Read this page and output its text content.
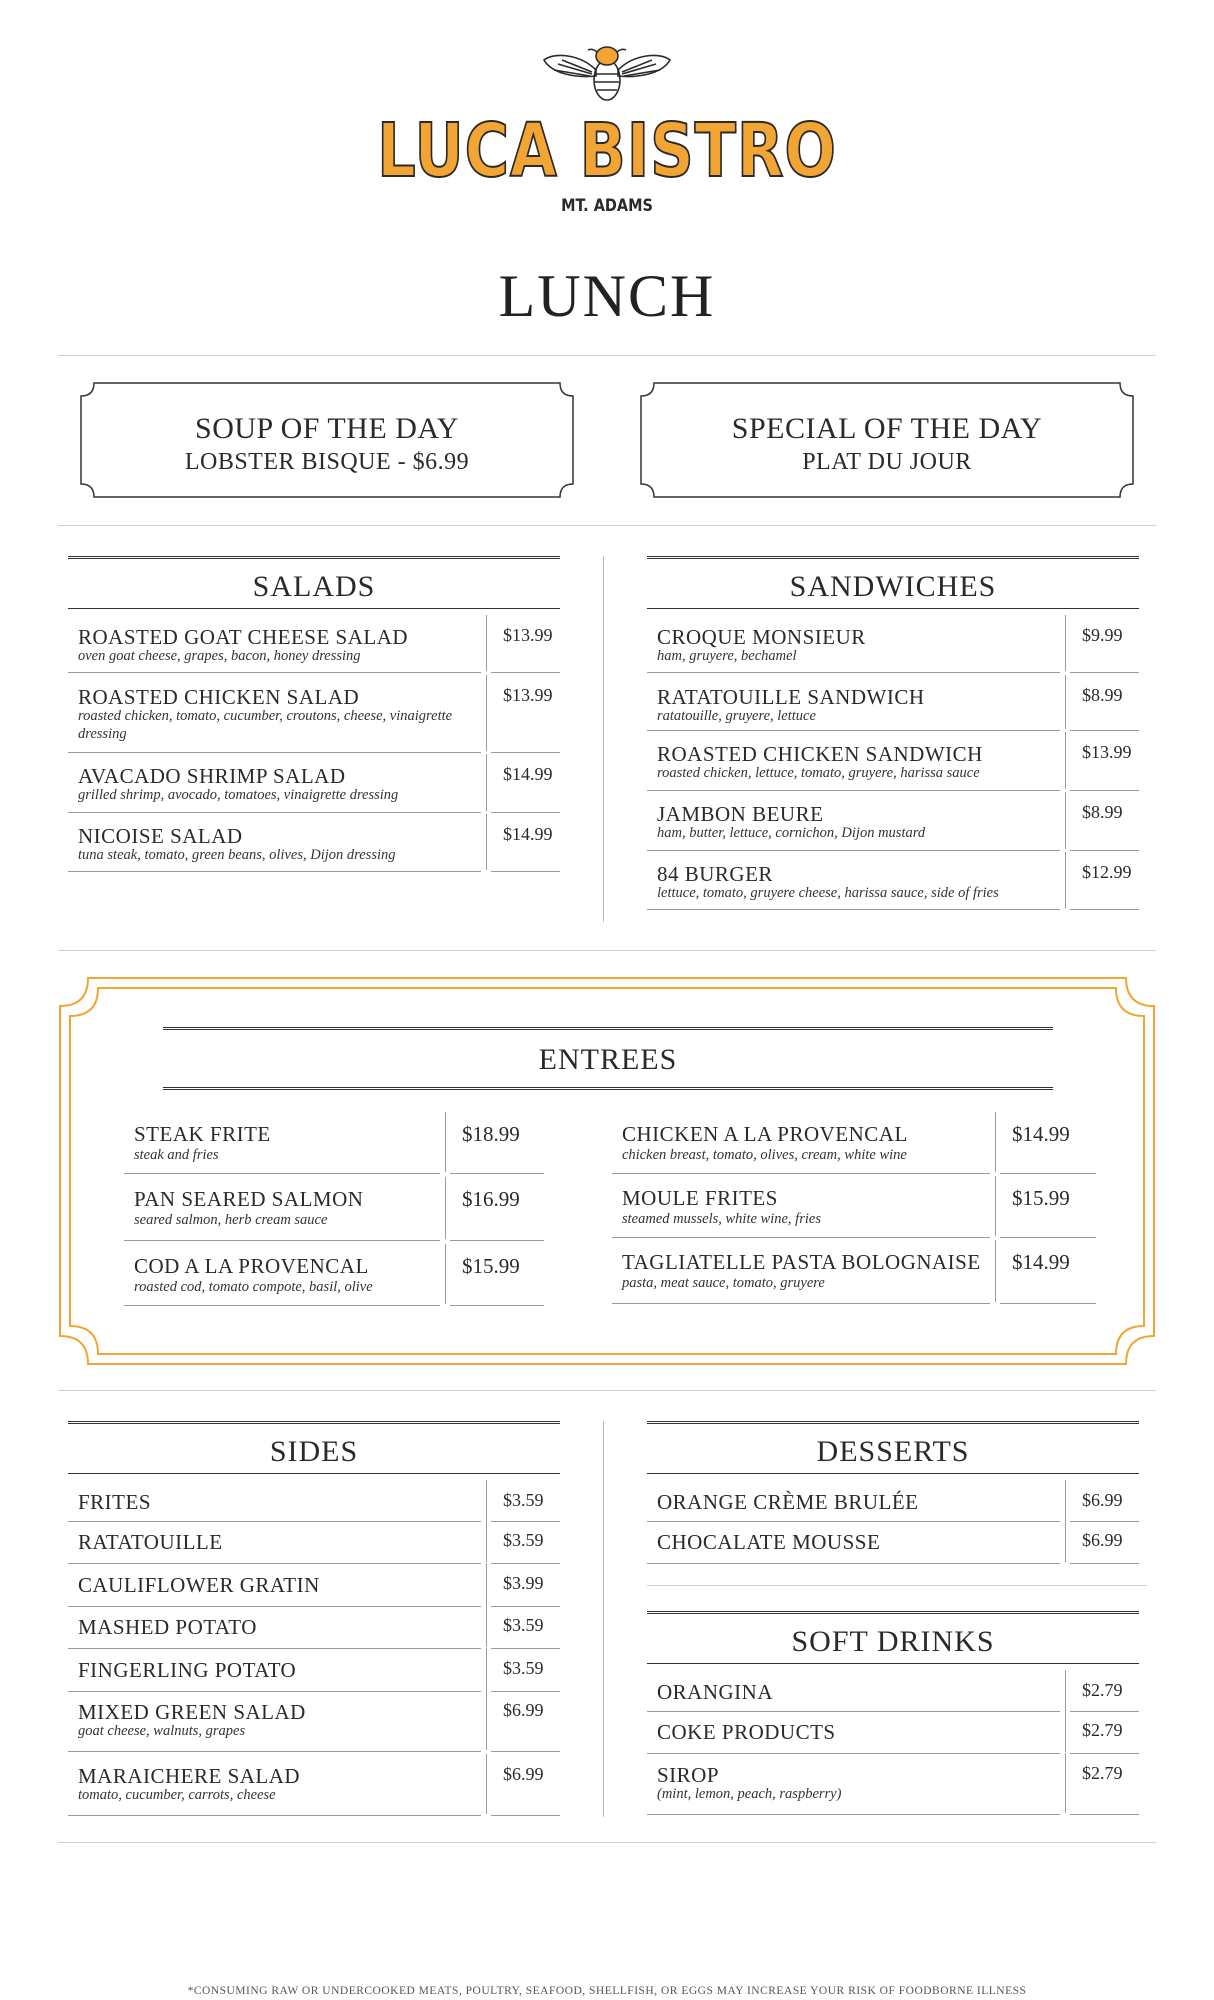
LUCA BISTRO
MT. ADAMS
LUNCH
SOUP OF THE DAY
LOBSTER BISQUE - $6.99
SPECIAL OF THE DAY
PLAT DU JOUR
SALADS
ROASTED GOAT CHEESE SALAD
oven goat cheese, grapes, bacon, honey dressing
$13.99
ROASTED CHICKEN SALAD
roasted chicken, tomato, cucumber, croutons, cheese, vinaigrette dressing
$13.99
AVACADO SHRIMP SALAD
grilled shrimp, avocado, tomatoes, vinaigrette dressing
$14.99
NICOISE SALAD
tuna steak, tomato, green beans, olives, Dijon dressing
$14.99
SANDWICHES
CROQUE MONSIEUR
ham, gruyere, bechamel
$9.99
RATATOUILLE SANDWICH
ratatouille, gruyere, lettuce
$8.99
ROASTED CHICKEN SANDWICH
roasted chicken, lettuce, tomato, gruyere, harissa sauce
$13.99
JAMBON BEURE
ham, butter, lettuce, cornichon, Dijon mustard
$8.99
84 BURGER
lettuce, tomato, gruyere cheese, harissa sauce, side of fries
$12.99
ENTREES
STEAK FRITE
steak and fries
$18.99
PAN SEARED SALMON
seared salmon, herb cream sauce
$16.99
COD A LA PROVENCAL
roasted cod, tomato compote, basil, olive
$15.99
CHICKEN A LA PROVENCAL
chicken breast, tomato, olives, cream, white wine
$14.99
MOULE FRITES
steamed mussels, white wine, fries
$15.99
TAGLIATELLE PASTA BOLOGNAISE
pasta, meat sauce, tomato, gruyere
$14.99
SIDES
FRITES	$3.59
RATATOUILLE	$3.59
CAULIFLOWER GRATIN	$3.99
MASHED POTATO	$3.59
FINGERLING POTATO	$3.59
MIXED GREEN SALAD
goat cheese, walnuts, grapes
$6.99
MARAICHERE SALAD
tomato, cucumber, carrots, cheese
$6.99
DESSERTS
ORANGE CRÈME BRULÉE	$6.99
CHOCALATE MOUSSE	$6.99
SOFT DRINKS
ORANGINA	$2.79
COKE PRODUCTS	$2.79
SIROP
(mint, lemon, peach, raspberry)
$2.79
*CONSUMING RAW OR UNDERCOOKED MEATS, POULTRY, SEAFOOD, SHELLFISH, OR EGGS MAY INCREASE YOUR RISK OF FOODBORNE ILLNESS
